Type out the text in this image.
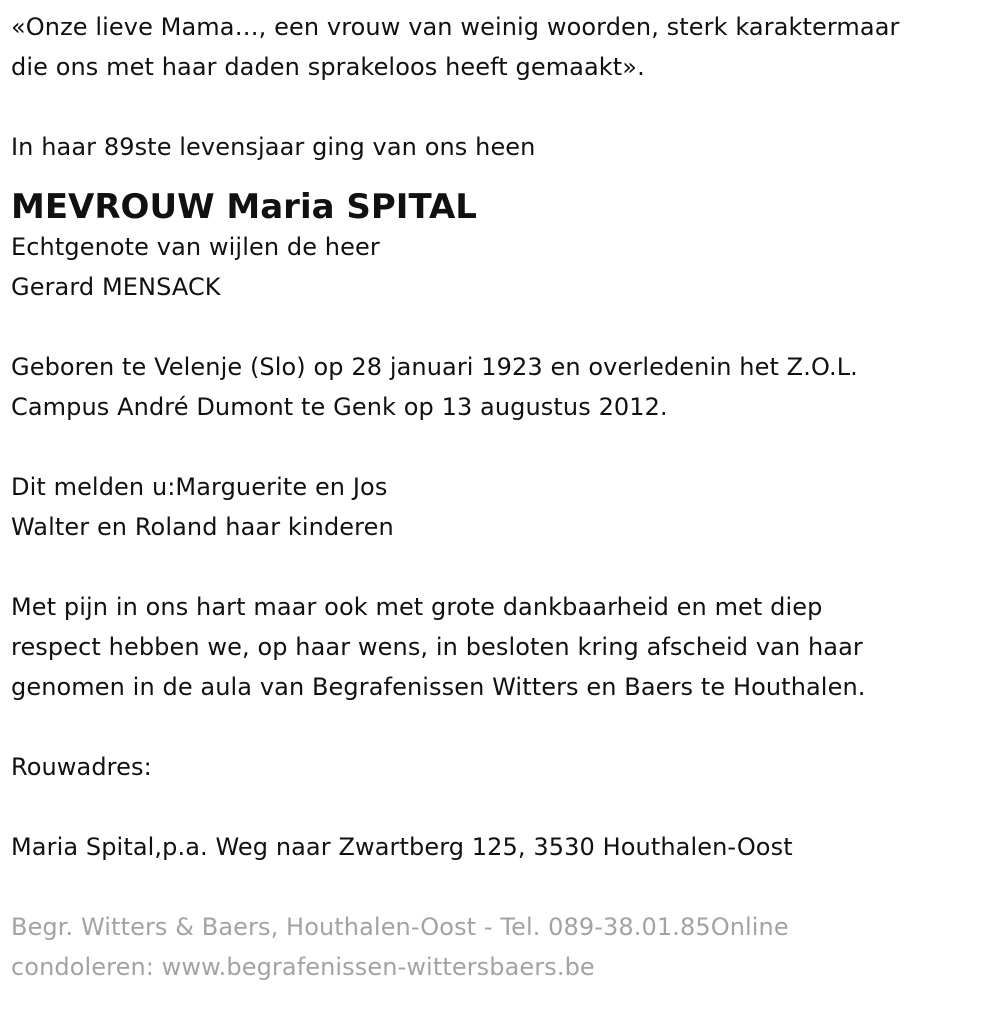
«Onze lieve Mama…, een vrouw van weinig woorden, sterk karaktermaar
die ons met haar daden sprakeloos heeft gemaakt».
In haar 89ste levensjaar ging van ons heen
MEVROUW Maria SPITAL
Echtgenote van wijlen de heer
Gerard MENSACK
Geboren te Velenje (Slo) op 28 januari 1923 en overledenin het Z.O.L.
Campus André Dumont te Genk op 13 augustus 2012.
Dit melden u:Marguerite en Jos
Walter en Roland haar kinderen
Met pijn in ons hart maar ook met grote dankbaarheid en met diep
respect hebben we, op haar wens, in besloten kring afscheid van haar
genomen in de aula van Begrafenissen Witters en Baers te Houthalen.
Rouwadres:
Maria Spital,p.a. Weg naar Zwartberg 125, 3530 Houthalen-Oost
Begr. Witters & Baers, Houthalen-Oost - Tel. 089-38.01.85Online
condoleren: www.begrafenissen-wittersbaers.be
